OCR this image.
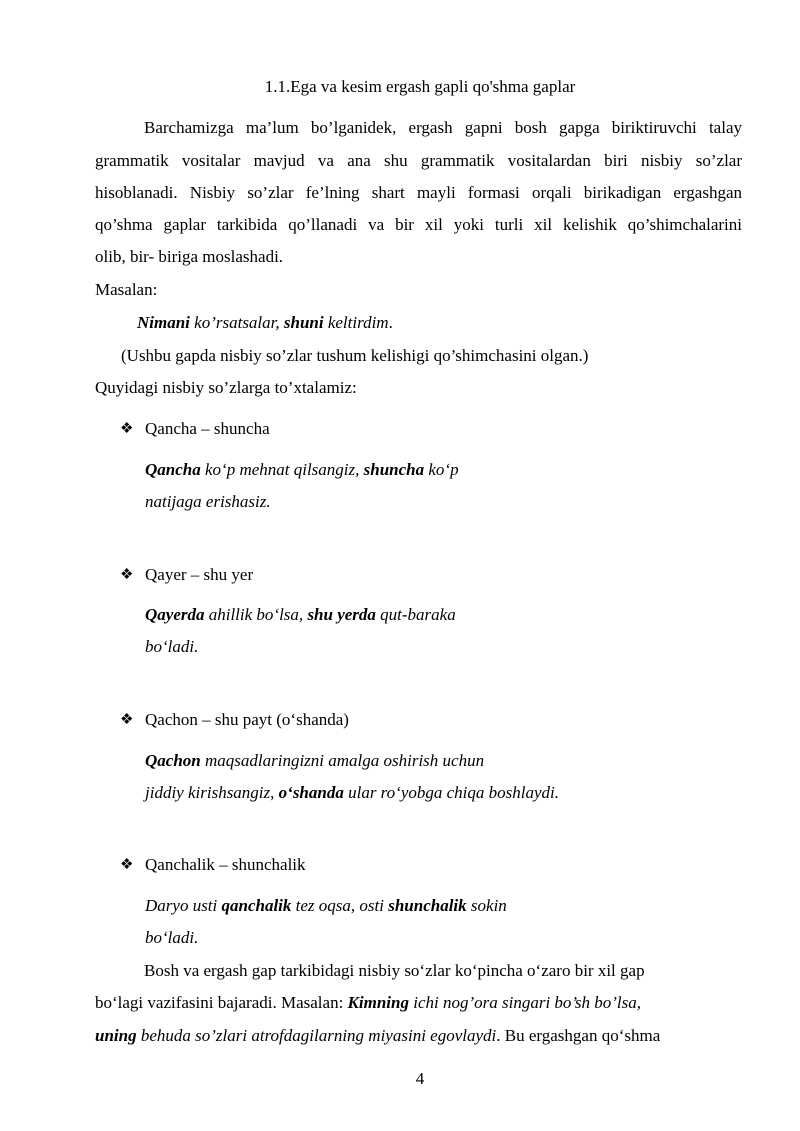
1.1.Ega va kesim ergash gapli qo'shma gaplar
Barchamizga ma’lum bo’lganidek, ergash gapni bosh gapga biriktiruvchi talay
grammatik vositalar mavjud va ana shu grammatik vositalardan biri nisbiy so’zlar
hisoblanadi. Nisbiy so’zlar fe’lning shart mayli formasi orqali birikadigan ergashgan
qo’shma gaplar tarkibida qo’llanadi va bir xil yoki turli xil kelishik qo’shimchalarini
olib, bir- biriga moslashadi.
Masalan:
Nimani ko’rsatsalar, shuni keltirdim.
(Ushbu gapda nisbiy so’zlar tushum kelishigi qo’shimchasini olgan.)
Quyidagi nisbiy so’zlarga to’xtalamiz:
❖ Qancha – shuncha
Qancha ko‘p mehnat qilsangiz, shuncha ko‘p
natijaga erishasiz.
❖ Qayer – shu yer
Qayerda ahillik bo‘lsa, shu yerda qut-baraka
bo‘ladi.
❖ Qachon – shu payt (o‘shanda)
Qachon maqsadlaringizni amalga oshirish uchun
jiddiy kirishsangiz, o‘shanda ular ro‘yobga chiqa boshlaydi.
❖ Qanchalik – shunchalik
Daryo usti qanchalik tez oqsa, osti shunchalik sokin
bo‘ladi.
Bosh va ergash gap tarkibidagi nisbiy so‘zlar ko‘pincha o‘zaro bir xil gap
bo‘lagi vazifasini bajaradi. Masalan: Kimning ichi nog’ora singari bo’sh bo’lsa,
uning behuda so’zlari atrofdagilarning miyasini egovlaydi. Bu ergashgan qo‘shma
4
